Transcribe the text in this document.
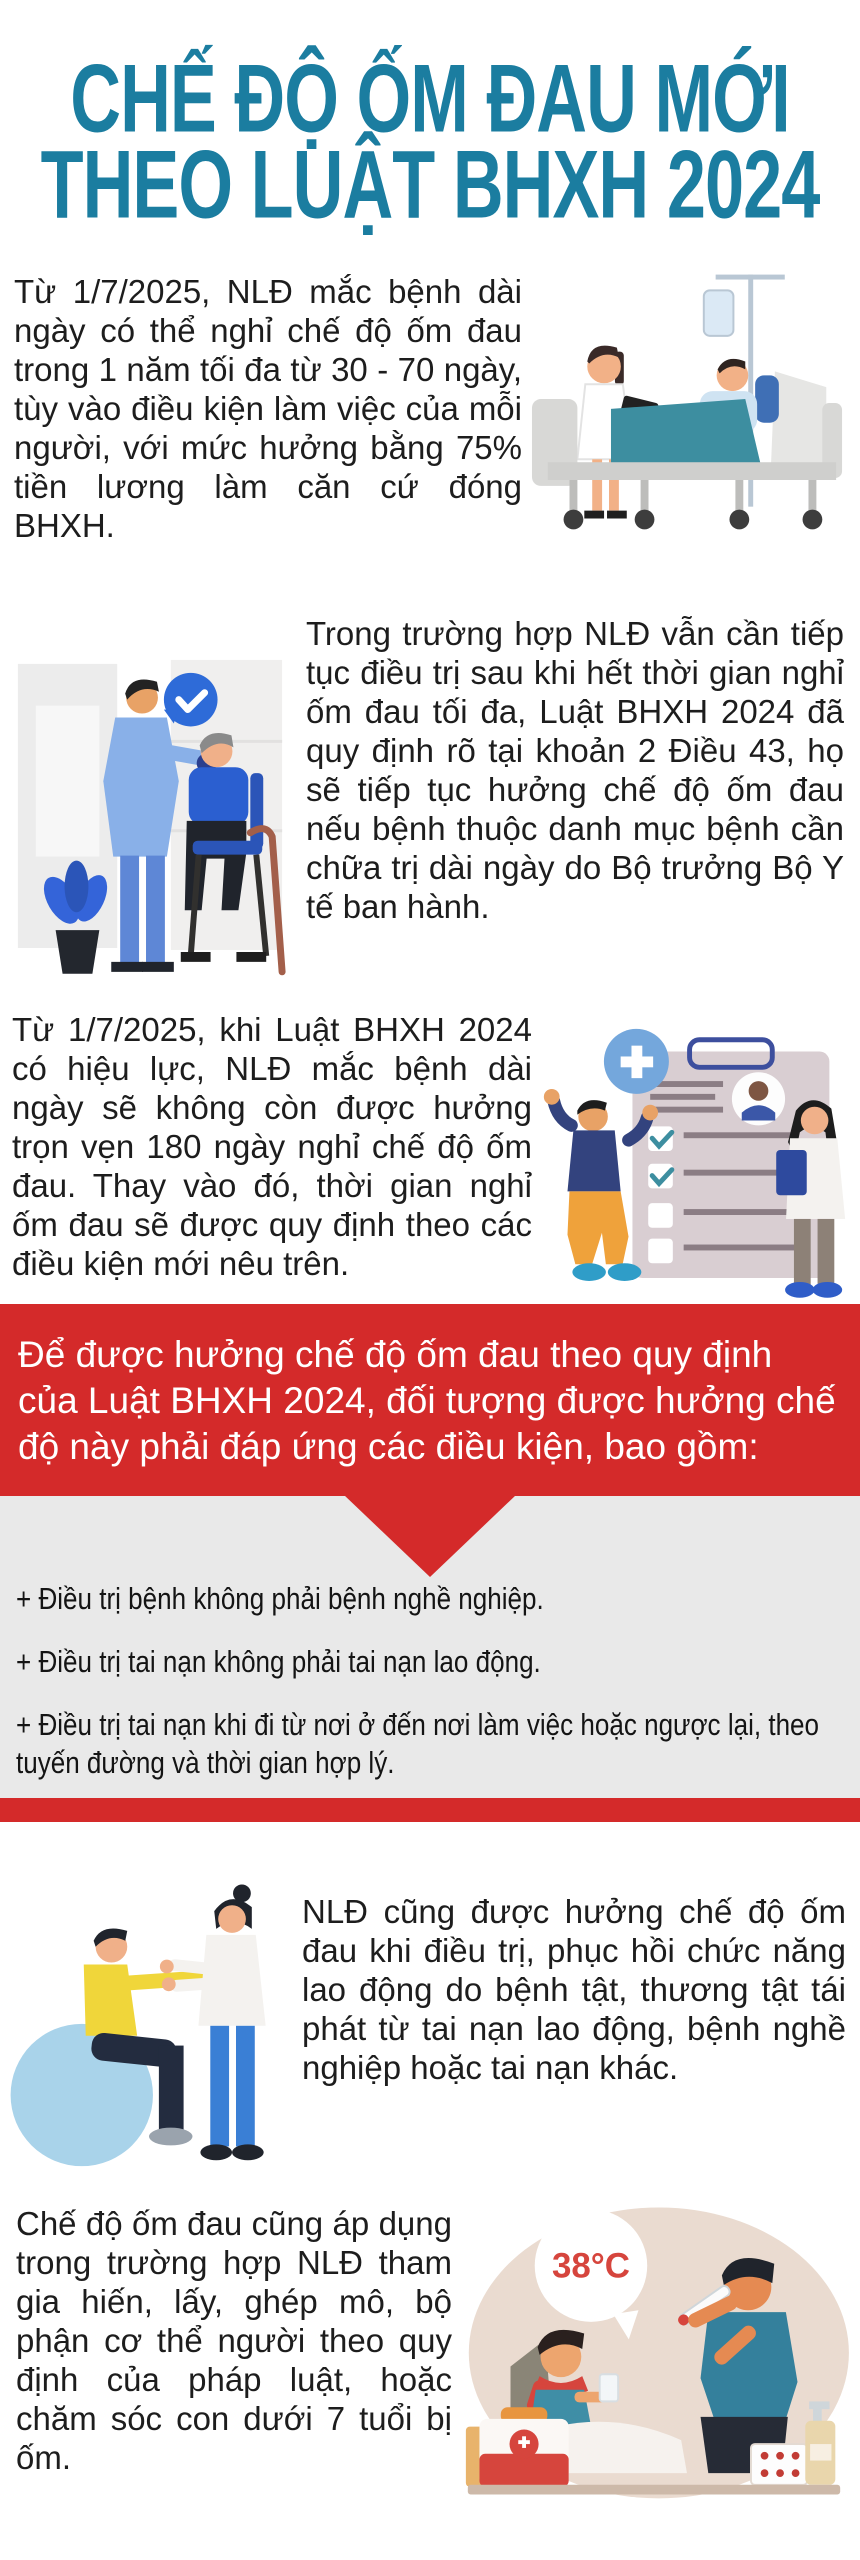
CHẾ ĐỘ ỐM ĐAU MỚI
THEO LUẬT BHXH 2024
Từ 1/7/2025, NLĐ mắc bệnh dài ngày có thể nghỉ chế độ ốm đau trong 1 năm tối đa từ 30 - 70 ngày, tùy vào điều kiện làm việc của mỗi người, với mức hưởng bằng 75% tiền lương làm căn cứ đóng BHXH.
Trong trường hợp NLĐ vẫn cần tiếp tục điều trị sau khi hết thời gian nghỉ ốm đau tối đa, Luật BHXH 2024 đã quy định rõ tại khoản 2 Điều 43, họ sẽ tiếp tục hưởng chế độ ốm đau nếu bệnh thuộc danh mục bệnh cần chữa trị dài ngày do Bộ trưởng Bộ Y tế ban hành.
Từ 1/7/2025, khi Luật BHXH 2024 có hiệu lực, NLĐ mắc bệnh dài ngày sẽ không còn được hưởng trọn vẹn 180 ngày nghỉ chế độ ốm đau. Thay vào đó, thời gian nghỉ ốm đau sẽ được quy định theo các điều kiện mới nêu trên.
Để được hưởng chế độ ốm đau theo quy định của Luật BHXH 2024, đối tượng được hưởng chế độ này phải đáp ứng các điều kiện, bao gồm:
+ Điều trị bệnh không phải bệnh nghề nghiệp.
+ Điều trị tai nạn không phải tai nạn lao động.
+ Điều trị tai nạn khi đi từ nơi ở đến nơi làm việc hoặc ngược lại, theo tuyến đường và thời gian hợp lý.
NLĐ cũng được hưởng chế độ ốm đau khi điều trị, phục hồi chức năng lao động do bệnh tật, thương tật tái phát từ tai nạn lao động, bệnh nghề nghiệp hoặc tai nạn khác.
Chế độ ốm đau cũng áp dụng trong trường hợp NLĐ tham gia hiến, lấy, ghép mô, bộ phận cơ thể người theo quy định của pháp luật, hoặc chăm sóc con dưới 7 tuổi bị ốm.
38°C
